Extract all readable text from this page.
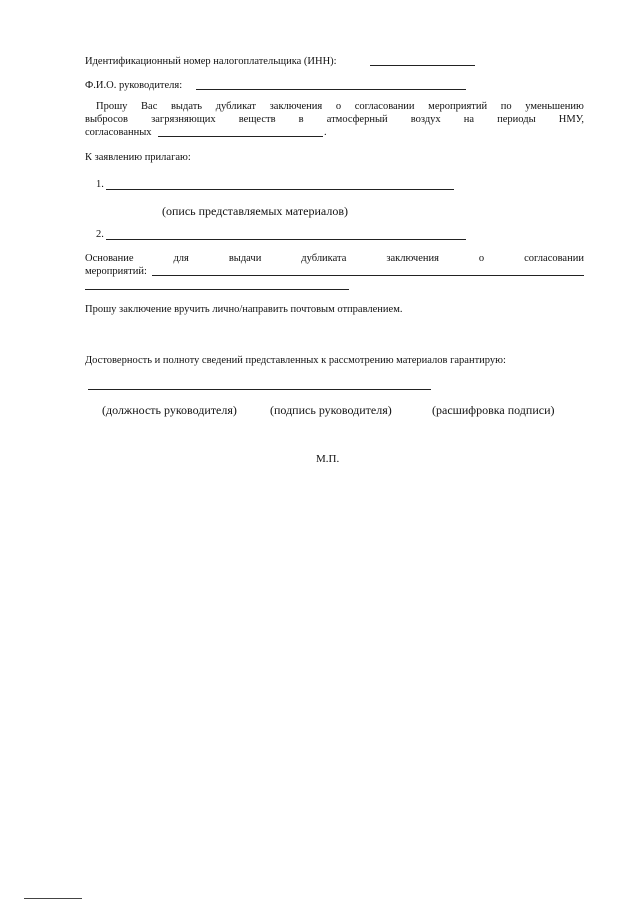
Идентификационный номер налогоплательщика (ИНН):
Ф.И.О. руководителя:
Прошу Вас выдать дубликат заключения о согласовании мероприятий по уменьшению
выбросов загрязняющих веществ в атмосферный воздух на периоды НМУ,
согласованных	.
К заявлению прилагаю:
1.
(опись представляемых материалов)
2.
Основание	для	выдачи	дубликата	заключения	о	согласовании
мероприятий:
Прошу заключение вручить лично/направить почтовым отправлением.
Достоверность и полноту сведений представленных к рассмотрению материалов гарантирую:
(должность руководителя)	(подпись руководителя)	(расшифровка подписи)
М.П.
